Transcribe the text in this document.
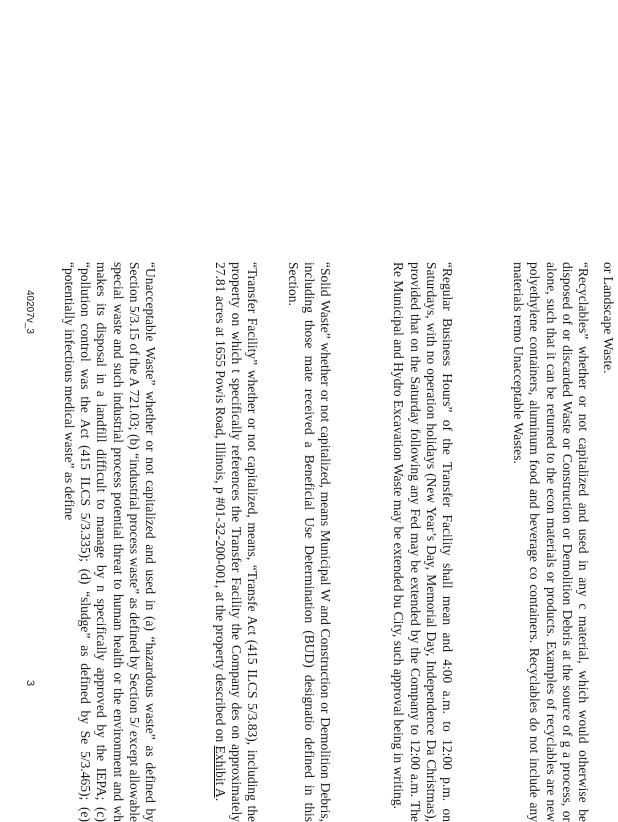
or Landscape Waste.

“Recyclables” whether or not capitalized and used in any c material, which would otherwise be disposed of or discarded Waste or Construction or Demolition Debris at the source of g a process, or alone, such that it can be returned to the econ materials or products. Examples of recyclables are new polyethylene containers, aluminum food and beverage co containers. Recyclables do not include any materials remo Unacceptable Wastes.

“Regular Business Hours” of the Transfer Facility shall mean and 4:00 a.m. to 12:00 p.m. on Saturdays, with no operation holidays (New Year’s Day, Memorial Day, Independence Da Christmas), provided that on the Saturday following any Fed may be extended by the Company to 12:00 a.m. The Re Municipal and Hydro Excavation Waste may be extended bu City, such approval being in writing.

“Solid Waste” whether or not capitalized, means Municipal W and Construction or Demolition Debris, including those mate received a Beneficial Use Determination (BUD) designatio defined in this Section.

“Transfer Facility” whether or not capitalized, means, “Transfe Act (415 ILCS 5/3.83), including the property on which t specifically references the Transfer Facility the Company des on approximately 27.81 acres at 1655 Powis Road, Illinois, p #01-32-200-001, at the property described on Exhibit A.

“Unacceptable Waste” whether or not capitalized and used in (a) “hazardous waste” as defined by Section 5/3.15 of the A 721.03; (b) “industrial process waste” as defined by Section 5/ except allowable special waste and such industrial process potential threat to human health or the environment and wh makes its disposal in a landfill difficult to manage by n specifically approved by the IEPA; (c) “pollution control was the Act (415 ILCS 5/3.335); (d) “sludge” as defined by Se 5/3.465); (e) “potentially infectious medical waste” as define

40207v_3
3
